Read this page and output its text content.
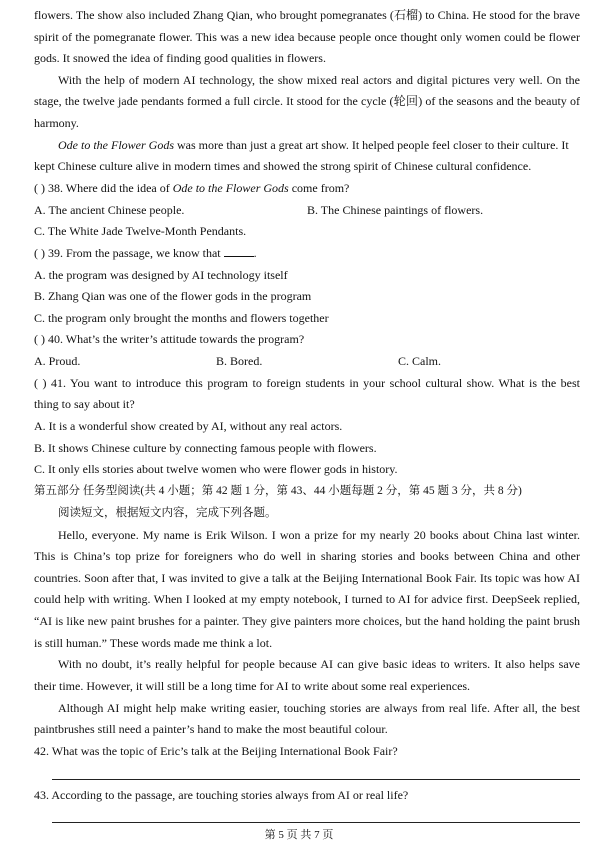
flowers. The show also included Zhang Qian, who brought pomegranates (石榴) to China. He stood for the brave
spirit of the pomegranate flower. This was a new idea because people once thought only women could be flower
gods. It snowed the idea of finding good qualities in flowers.
With the help of modern AI technology, the show mixed real actors and digital pictures very well. On the
stage, the twelve jade pendants formed a full circle. It stood for the cycle (轮回) of the seasons and the beauty of
harmony.
Ode to the Flower Gods was more than just a great art show. It helped people feel closer to their culture. It
kept Chinese culture alive in modern times and showed the strong spirit of Chinese cultural confidence.
( ) 38. Where did the idea of Ode to the Flower Gods come from?
A. The ancient Chinese people.	B. The Chinese paintings of flowers.
C. The White Jade Twelve-Month Pendants.
( ) 39. From the passage, we know that	.
A. the program was designed by AI technology itself
B. Zhang Qian was one of the flower gods in the program
C. the program only brought the months and flowers together
( ) 40. What’s the writer’s attitude towards the program?
A. Proud.	B. Bored.	C. Calm.
( ) 41. You want to introduce this program to foreign students in your school cultural show. What is the best
thing to say about it?
A. It is a wonderful show created by AI, without any real actors.
B. It shows Chinese culture by connecting famous people with flowers.
C. It only ells stories about twelve women who were flower gods in history.
第五部分 任务型阅读(共 4 小题；第 42 题 1 分，第 43、44 小题每题 2 分，第 45 题 3 分，共 8 分)
阅读短文，根据短文内容，完成下列各题。
Hello, everyone. My name is Erik Wilson. I won a prize for my nearly 20 books about China last winter.
This is China’s top prize for foreigners who do well in sharing stories and books between China and other
countries. Soon after that, I was invited to give a talk at the Beijing International Book Fair. Its topic was how AI
could help with writing. When I looked at my empty notebook, I turned to AI for advice first. DeepSeek replied,
“AI is like new paint brushes for a painter. They give painters more choices, but the hand holding the paint brush
is still human.” These words made me think a lot.
With no doubt, it’s really helpful for people because AI can give basic ideas to writers. It also helps save
their time. However, it will still be a long time for AI to write about some real experiences.
Although AI might help make writing easier, touching stories are always from real life. After all, the best
paintbrushes still need a painter’s hand to make the most beautiful colour.
42. What was the topic of Eric’s talk at the Beijing International Book Fair?
43. According to the passage, are touching stories always from AI or real life?
第 5 页 共 7 页
